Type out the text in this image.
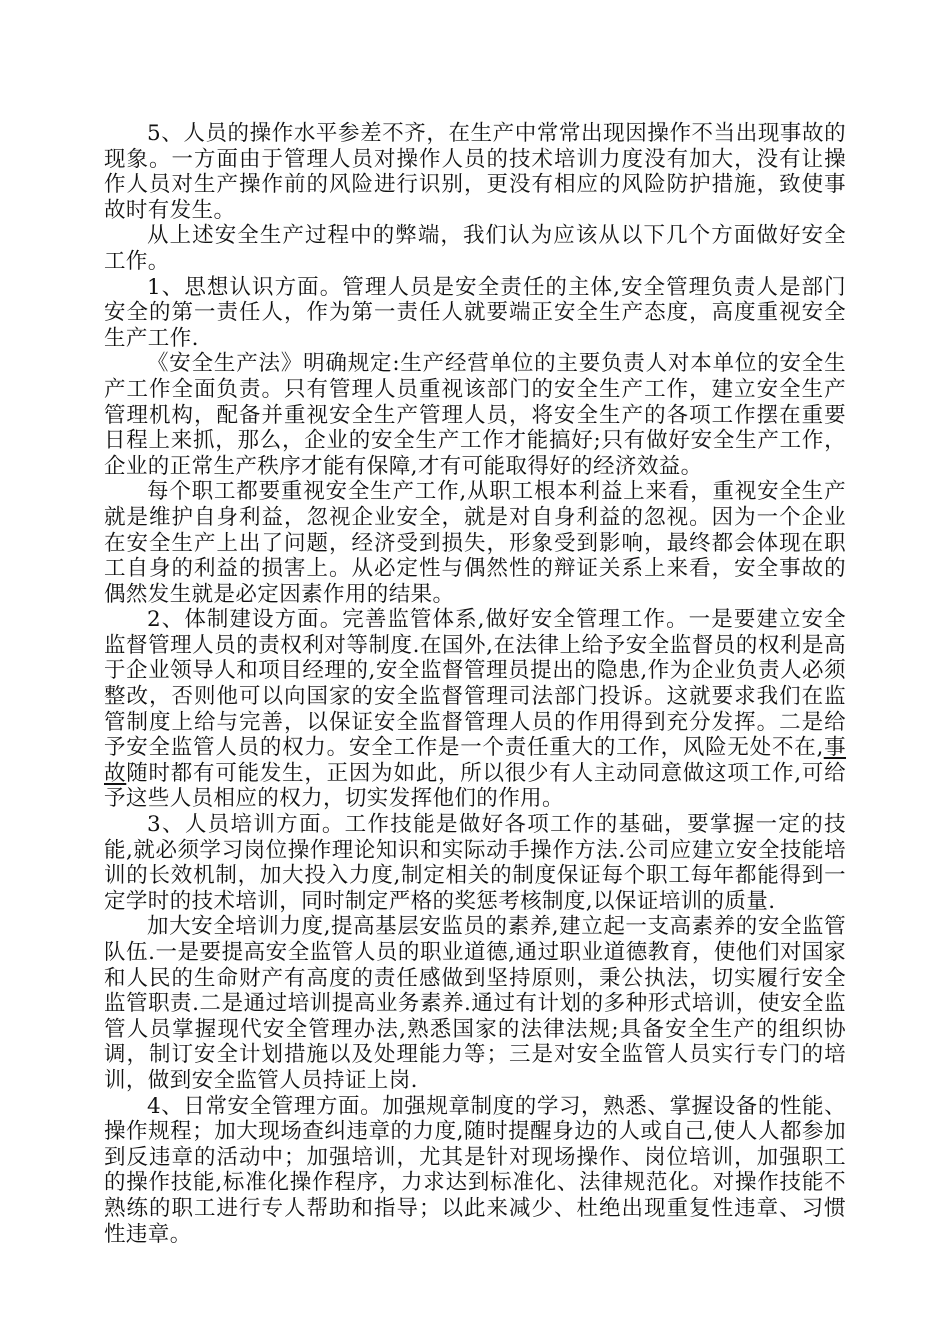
5、人员的操作水平参差不齐，在生产中常常出现因操作不当出现事故的现象。一方面由于管理人员对操作人员的技术培训力度没有加大，没有让操作人员对生产操作前的风险进行识别，更没有相应的风险防护措施，致使事故时有发生。

从上述安全生产过程中的弊端，我们认为应该从以下几个方面做好安全工作。

1、思想认识方面。管理人员是安全责任的主体,安全管理负责人是部门安全的第一责任人，作为第一责任人就要端正安全生产态度，高度重视安全生产工作.

《安全生产法》明确规定:生产经营单位的主要负责人对本单位的安全生产工作全面负责。只有管理人员重视该部门的安全生产工作，建立安全生产管理机构，配备并重视安全生产管理人员，将安全生产的各项工作摆在重要日程上来抓，那么，企业的安全生产工作才能搞好;只有做好安全生产工作，企业的正常生产秩序才能有保障,才有可能取得好的经济效益。

每个职工都要重视安全生产工作,从职工根本利益上来看，重视安全生产就是维护自身利益，忽视企业安全，就是对自身利益的忽视。因为一个企业在安全生产上出了问题，经济受到损失，形象受到影响，最终都会体现在职工自身的利益的损害上。从必定性与偶然性的辩证关系上来看，安全事故的偶然发生就是必定因素作用的结果。

2、体制建设方面。完善监管体系,做好安全管理工作。一是要建立安全监督管理人员的责权利对等制度.在国外,在法律上给予安全监督员的权利是高于企业领导人和项目经理的,安全监督管理员提出的隐患,作为企业负责人必须整改，否则他可以向国家的安全监督管理司法部门投诉。这就要求我们在监管制度上给与完善，以保证安全监督管理人员的作用得到充分发挥。二是给予安全监管人员的权力。安全工作是一个责任重大的工作，风险无处不在,事故随时都有可能发生，正因为如此，所以很少有人主动同意做这项工作,可给予这些人员相应的权力，切实发挥他们的作用。

3、人员培训方面。工作技能是做好各项工作的基础，要掌握一定的技能,就必须学习岗位操作理论知识和实际动手操作方法.公司应建立安全技能培训的长效机制，加大投入力度,制定相关的制度保证每个职工每年都能得到一定学时的技术培训，同时制定严格的奖惩考核制度,以保证培训的质量.

加大安全培训力度,提高基层安监员的素养,建立起一支高素养的安全监管队伍.一是要提高安全监管人员的职业道德,通过职业道德教育，使他们对国家和人民的生命财产有高度的责任感做到坚持原则，秉公执法，切实履行安全监管职责.二是通过培训提高业务素养.通过有计划的多种形式培训，使安全监管人员掌握现代安全管理办法,熟悉国家的法律法规;具备安全生产的组织协调，制订安全计划措施以及处理能力等；三是对安全监管人员实行专门的培训，做到安全监管人员持证上岗.

4、日常安全管理方面。加强规章制度的学习，熟悉、掌握设备的性能、操作规程；加大现场查纠违章的力度,随时提醒身边的人或自己,使人人都参加到反违章的活动中；加强培训，尤其是针对现场操作、岗位培训，加强职工的操作技能,标准化操作程序，力求达到标准化、法律规范化。对操作技能不熟练的职工进行专人帮助和指导；以此来减少、杜绝出现重复性违章、习惯性违章。
